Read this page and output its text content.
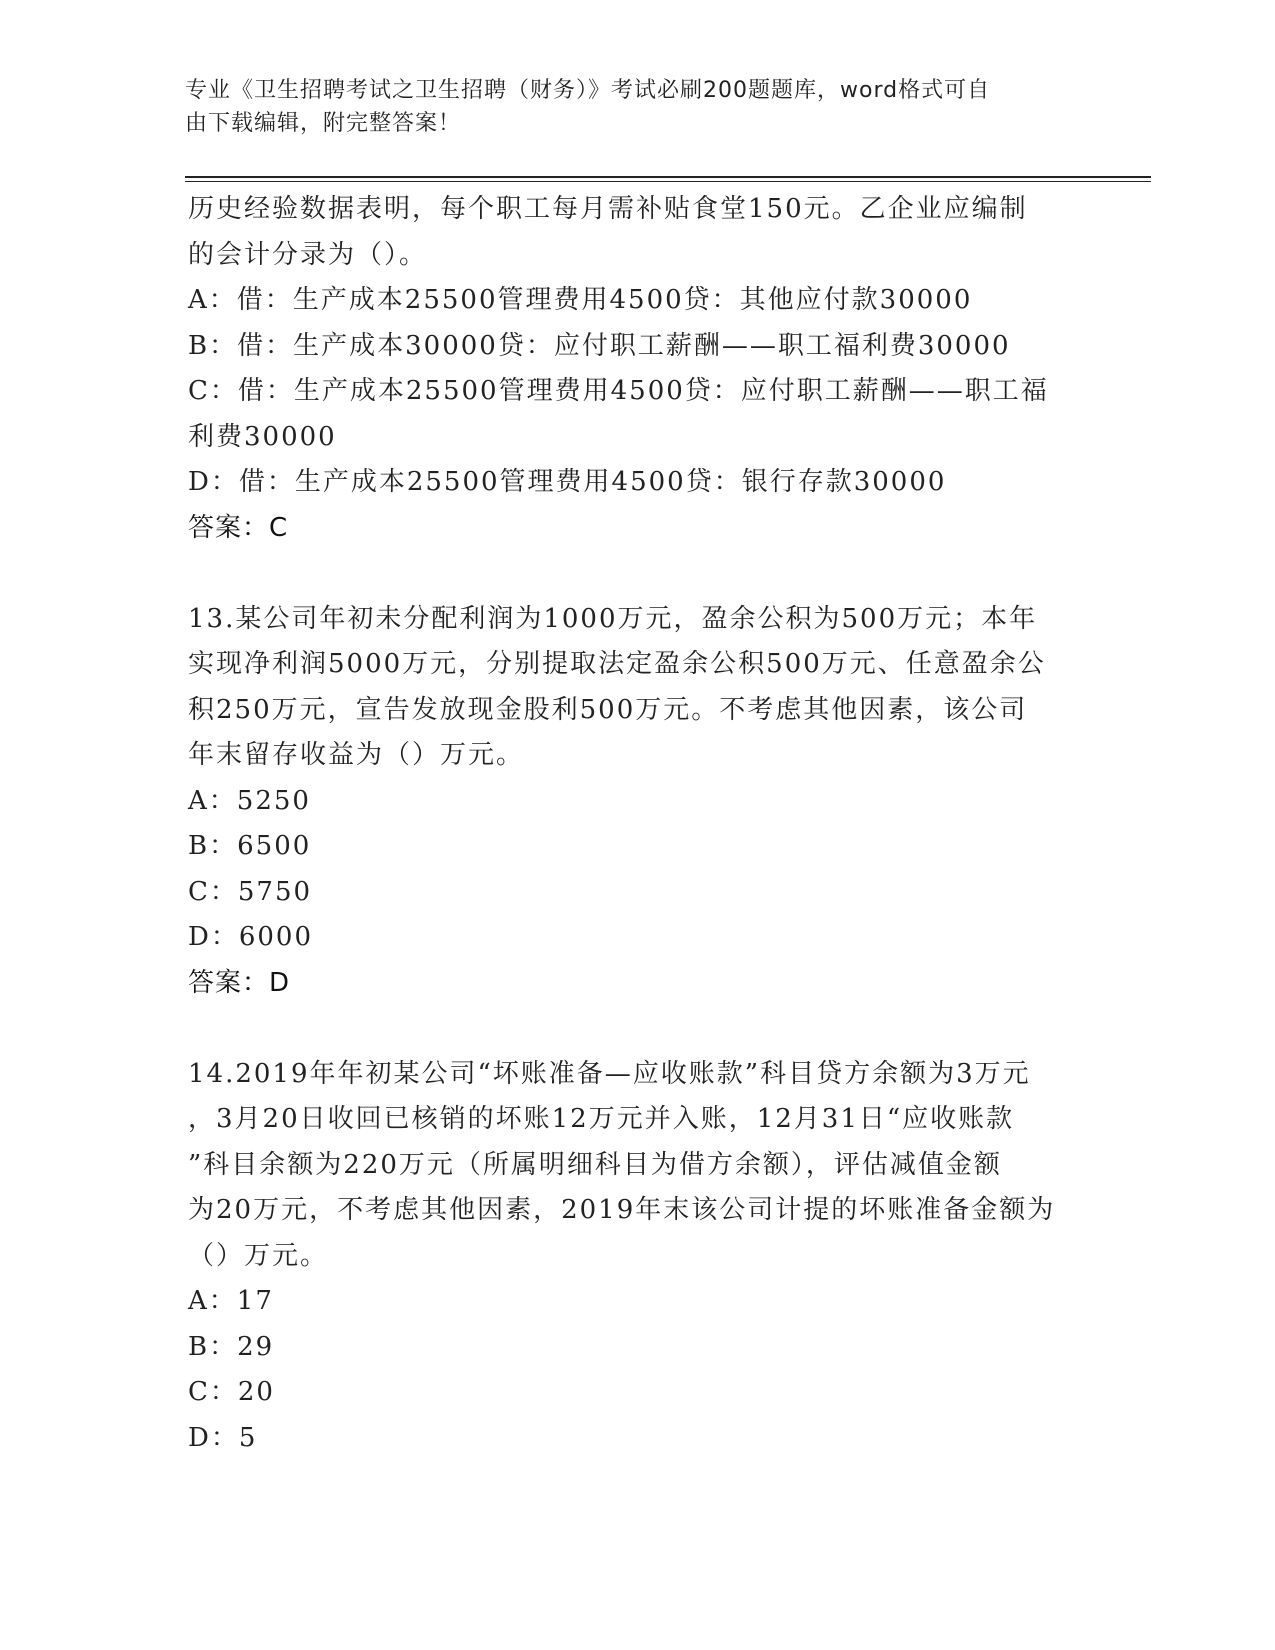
专业《卫生招聘考试之卫生招聘（财务）》考试必刷200题题库，word格式可自
由下载编辑，附完整答案！
历史经验数据表明，每个职工每月需补贴食堂150元。乙企业应编制
的会计分录为（）。
A：借：生产成本25500管理费用4500贷：其他应付款30000
B：借：生产成本30000贷：应付职工薪酬——职工福利费30000
C：借：生产成本25500管理费用4500贷：应付职工薪酬——职工福
利费30000
D：借：生产成本25500管理费用4500贷：银行存款30000
答案：C
13.某公司年初未分配利润为1000万元，盈余公积为500万元；本年
实现净利润5000万元，分别提取法定盈余公积500万元、任意盈余公
积250万元，宣告发放现金股利500万元。不考虑其他因素，该公司
年末留存收益为（）万元。
A：5250
B：6500
C：5750
D：6000
答案：D
14.2019年年初某公司“坏账准备—应收账款”科目贷方余额为3万元
，3月20日收回已核销的坏账12万元并入账，12月31日“应收账款
”科目余额为220万元（所属明细科目为借方余额），评估减值金额
为20万元，不考虑其他因素，2019年末该公司计提的坏账准备金额为
（）万元。
A：17
B：29
C：20
D：5
